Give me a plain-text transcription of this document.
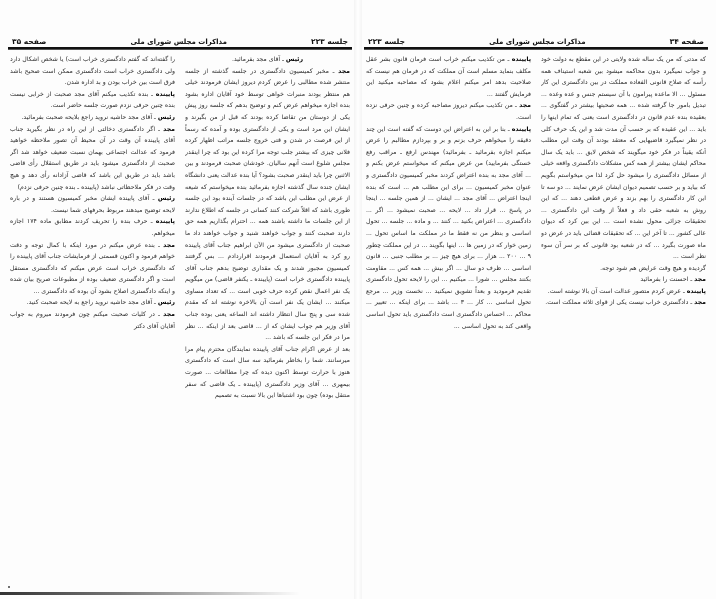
جلسه ۲۲۳
مذاکرات مجلس شورای ملی
صفحه ۳۵

رئیس ـ آقای مجد بفرمائید.

مجد ـ مخبر کمیسیون دادگستری در جلسه گذشته از جلسه منتشر شده مطالبی را عرض کردم دیروز ایشان فرمودند خیلی هم منتظر بودند منبرات خواهی توسط خود آقایان اداره بشود بنده اجازه میخواهم عرض کنم و توضیح بدهم که جلسه روز پیش یکی از دوستان من تقاضا کرده بودند که قبل از من بگیرند و ایشان این مرد است و یکی از دادگستری بوده و آمده که رسماً از این فرصت در شدن و قتی خروج جلسه مراتب اظهار کرده فلانی چیزی که بیشتر جلب توجه مرا کرده این بود که چرا اینقدر مجلس شلوغ است آنهم سالیان. خودشان صحبت فرمودند و بین الاثنین چرا باید اینقدر صحبت بشود؟ آیا بنده عدالت یعنی دانشگاه ایشان جنده سال گذشته اجازه بفرمائید بنده میخواستم که شیعه از عرض این مطلب این باشد که در جلسات آینده بود این جلسه طوری باشد که اقلاً شرکت کنند کسانی در جلسه که اطلاع ندارند از این جلسات ما داشته باشند همه ... احترام بگذاریم همه حق دارند صحبت کنند و جواب خواهند شنید و جواب خواهند داد ما صحبت از دادگستری میشود من الآن ابراهیم جناب آقای پایینده رو کرد به آقایان استعمال فرمودند اقراردادم ... بس گرفتند کمیسیون مجبور شدند و یک مقداری توضیح بدهم جناب آقای پایینده دادگستری خراب است (پایینده ـ یکنفر قاضی) من میگویم یک نفر اعمال نقص کرده حرف خوبی است ... که تعداد مساوی میکنند ... ایشان یک نفر است آن بالاخره نوشته اند که مقدم شده سی و پنج سال انتظار داشته اند الساعه یعنی بوده جناب آقای وزیر هم جواب ایشان که از ... قاضی بعد از اینکه ... نظر مرا در فکر این جلسه که باشد ...

بعد از عرض اکرام جناب آقای پایینده نمایندگان محترم پیام مرا میرسانند. شما را بخاطر بفرمائید سه سال است که دادگستری هنوز با حرارت توسط اکنون دیده که چرا مطالعات ... صورت بیمهری ... آقای وزیر دادگستری (پایینده ـ یک قاضی که سفر منتقل بوده) چون بود اشتباها این بالا نسبت به تصمیم

را گفته‌اند که گفتم دادگستری خراب است) یا شخص اشکال دارد ولی دادگستری خراب است دادگستری ممکن است صحیح باشد فرق است بین خراب بودن و بد اداره شدن.

پایینده ـ بنده تکذیب میکنم آقای مجد صحبت از خرابی نیست بنده چنین حرفی نزدم صورت جلسه حاضر است.

رئیس ـ آقای مجد حاشیه نروید راجع بلایحه صحبت بفرمائید.

مجد ـ اگر دادگستری دخالتی از این راه در نظر بگیرید جناب آقای پایینده آن وقت در آن محیط آن تصور ملاحظه خواهید فرمود که عدالت اجتماعی بهمان نسبت ضعیف خواهد شد اگر صحبت از دادگستری میشود باید در طریق استقلال رأی قاضی باشد باید در طریق این باشد که قاضی آزادانه رأی دهد و هیچ وقت در فکر ملاحظاتی نباشد (پایینده ـ بنده چنین حرفی نزدم)

رئیس ـ آقای پایینده ایشان مخبر کمیسیون هستند و در باره لایحه توضیح میدهند مربوط بحرفهای شما نیست.

پایینده ـ حرف بنده را تحریف کردند مطابق ماده ۱۷۴ اجازه میخواهم.

مجد ـ بنده عرض میکنم در مورد اینکه با کمال توجه و دقت خواهم فرمود و اکنون قسمتی از فرمایشات جناب آقای پایینده را که دادگستری خراب است عرض میکنم که دادگستری مستقل است و اگر دادگستری ضعیف بوده از مطبوعات صریح بیان شده و اینکه دادگستری اصلاح بشود آن بوده که دادگستری ...

رئیس ـ آقای مجد حاشیه نروید راجع به لایحه صحبت کنید.

مجد ـ در کلیات صحبت میکنم چون فرمودند میروم به جواب آقایان آقای دکتر

صفحه ۳۴
مذاکرات مجلس شورای ملی
جلسه ۲۲۳

که مدتی که من یک ساله شده ولایتی در این مقطع به دولت خود و جواب نمیگیرد بدون محاکمه میشود بین شعبه استیناف همه رأسه که صلاح قانونی الفعاده مملکت در بین دادگستری این کار مسئول ... الا ماعده پیرامون با آن سیستم جنس و عده وعده ... تبدیل بامور جا گرفته شده ... همه صحبتها بیشتر در گفتگوی ... بعقیده بنده عدم قانون در دادگستری است یعنی که تمام اینها را باید ... این عقیده که بر حسب آن مدت شد و این یک حرف کلی در نظر نمیگیرد قاضیهایی که معتقد بودند آن وقت این مطلب آنکه یقیناً در فکر خود میگویند که شخص لایق ... باید یک سال محاکم ایشان بیشتر از همه کس مشکلات دادگستری واقعه خیلی از مسائل دادگستری را میشود حل کرد لذا من میخواستم بگویم که بیاید و بر حسب تصمیم دیوان ایشان عرض نمایند ... دو سه تا این کار دادگستری را بهم بزند و عرض قطعی دهند ... که این روش به شعبه حقی داد و فعلاً از وقت این دادگستری ... تحقیقات جزائی محول نشده است ... این بین کرد که دیوان عالی کشور ... تا آخر این ... که تحقیقات قضائی باید در عرض دو ماه صورت بگیرد ... که در شعبه بود قانونی که بر سر آن سوء نظر است ...

گردیده و هیچ وقت عرایض هم شود توجه.

مجد ـ احسنت را بفرمائید

پایینده ـ عرض کردم متصور عدالت است آن بالا نوشته است.

مجد ـ دادگستری خراب نیست یکی از قوای ثلاثه مملکت است.

پایینده ـ من تکذیب میکنم خراب است فرمان قانون بشر عقل مکلف بنماید مسلم است آن مملکت که در فرمان هم نیست که صلاحیت بدهد امر میکنم اعلام بشود که مصاحبه میکنید این فرمایش گفتند ...

مجد ـ من تکذیب میکنم دیروز مصاحبه کرده و چنین حرفی نزده است.

پایینده ـ بنا بر این به اعتراض این دوست که گفته است این چند دقیقه را میخواهم حرف بزنم و بر و بپردازم مطالبم را عرض میکنم اجازه بفرمائید ـ بفرمائید) مهندس ارفع ـ مراقب رفع خستگی بفرمایید) من عرض میکنم که میخواستم عرض بکنم و ... آقای مجد به بنده اعتراض کردند مخبر کمیسیون دادگستری و عنوان مخبر کمیسیون ... برای این مطلب هم ... است که بنده اینجا اعتراض ... آقای مجد ... ایشان ... از همین جلسه ... اینجا در پاسخ ... قرار داد ... لایحه ... صحبت نمیشود ... اگر ... دادگستری ... اعتراض بکنید ... کنند ... و ماده ... جلسه ... تحول اساسی و بنظر من نه فقط ما در مملکت ما اساس تحول ... زمین خوار که در زمین ها ... اینها بگویند ... در این مملکت چطور ۹ ... ۲۰۰ ... هزار ... برای هیچ چیز ... بر مطلب جنبی ... قانون اساسی ... ظرف دو سال ... اگر بیش ... همه کس ... مقاومت بکنند مجلس ... شورا ... میکنیم ... این را لایحه تحول دادگستری تقدیم فرمودید و بعداً تشویق نمیکنید ... نخست وزیر ... مرجع تحول اساسی ... کار ... ۳ ... باشد ... برای اینکه ... تعییر ... محاکم ... احساس دادگستری است دادگستری باید تحول اساسی واقعی کند به تحول اساسی ...
